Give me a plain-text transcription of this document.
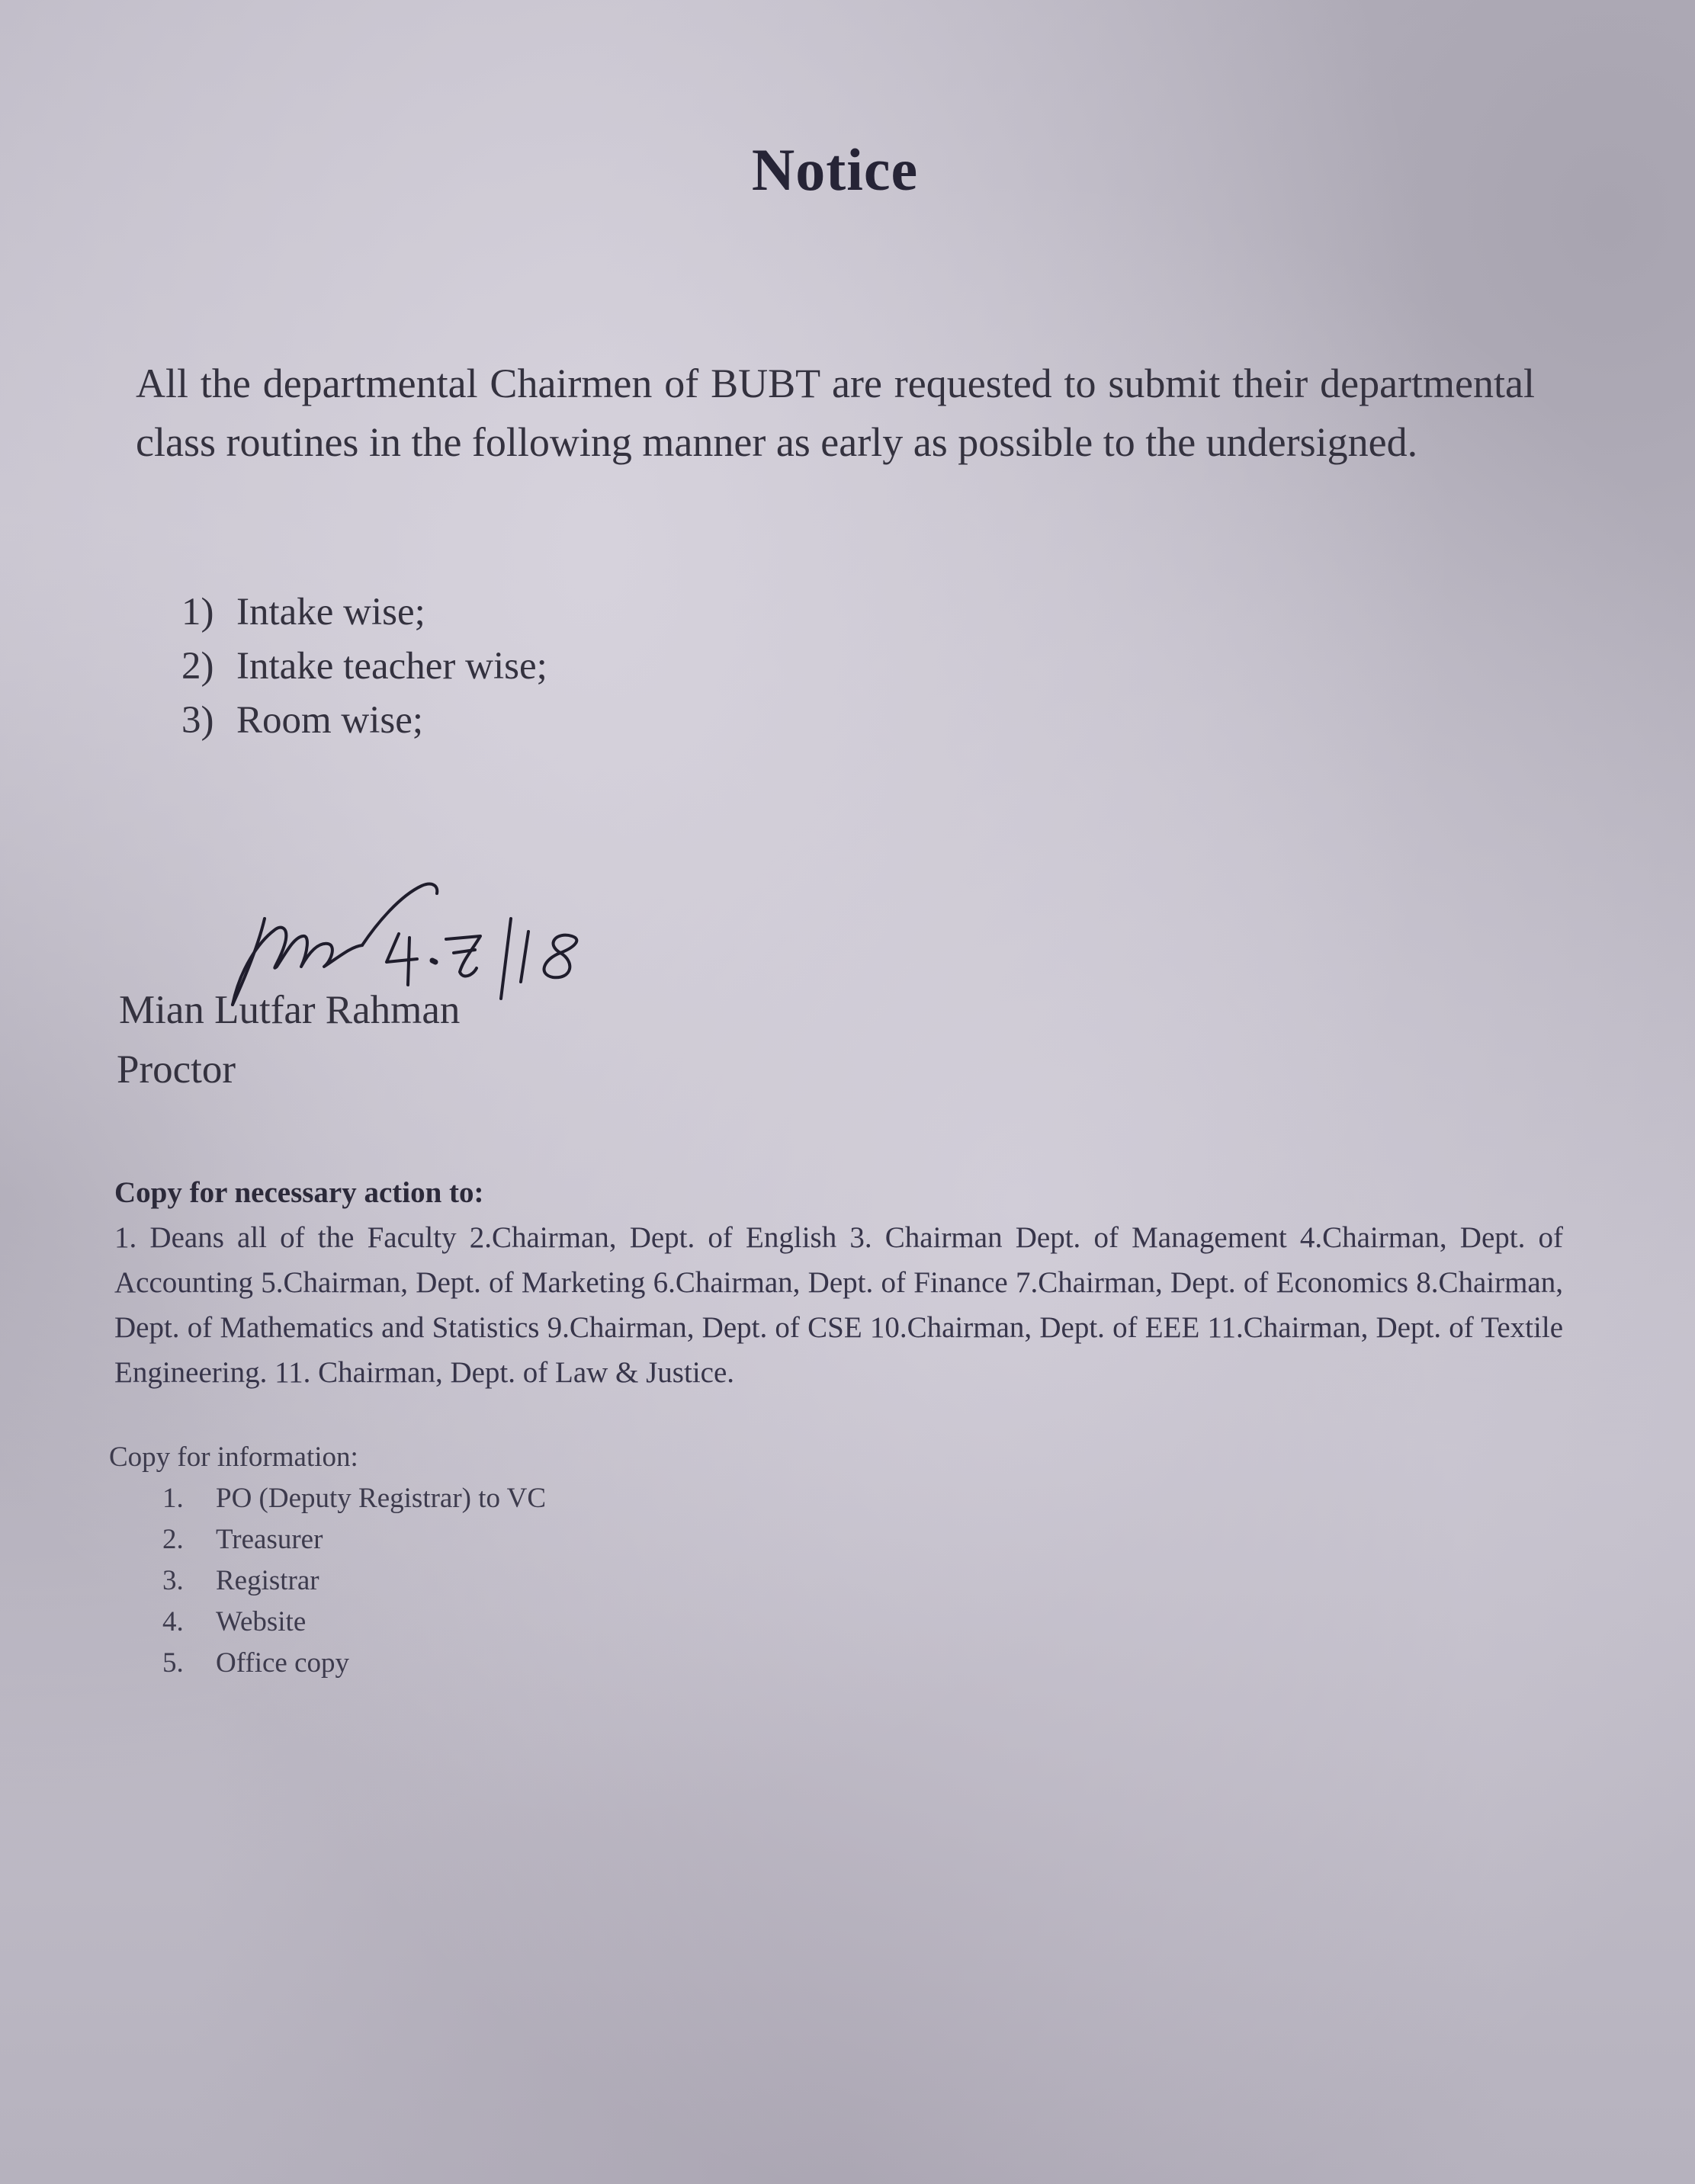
Notice

All the departmental Chairmen of BUBT are requested to submit their departmental class routines in the following manner as early as possible to the undersigned.

1) Intake wise;
2) Intake teacher wise;
3) Room wise;
4.7/18
Mian Lutfar Rahman
Proctor
Copy for necessary action to:
1. Deans all of the Faculty 2.Chairman, Dept. of English 3. Chairman Dept. of Management 4.Chairman, Dept. of Accounting 5.Chairman, Dept. of Marketing 6.Chairman, Dept. of Finance 7.Chairman, Dept. of Economics 8.Chairman, Dept. of Mathematics and Statistics 9.Chairman, Dept. of CSE 10.Chairman, Dept. of EEE 11.Chairman, Dept. of Textile Engineering. 11. Chairman, Dept. of Law & Justice.
Copy for information:
1. PO (Deputy Registrar) to VC
2. Treasurer
3. Registrar
4. Website
5. Office copy
